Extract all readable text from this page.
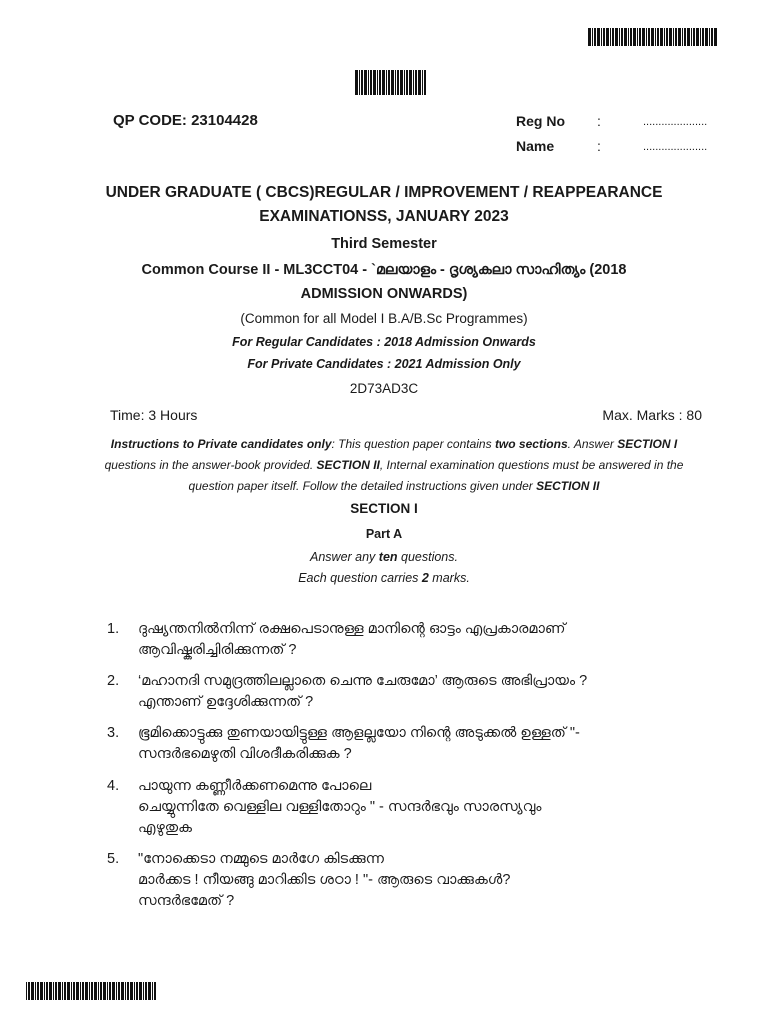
QP CODE: 23104428	Reg No :	.....................
Name	:	.....................
UNDER GRADUATE ( CBCS)REGULAR / IMPROVEMENT / REAPPEARANCE
EXAMINATIONSS, JANUARY 2023
Third Semester
Common Course II - ML3CCT04 - `മലയാളം - ദൃശ്യകലാ സാഹിത്യം (2018
ADMISSION ONWARDS)
(Common for all Model I B.A/B.Sc Programmes)
For Regular Candidates : 2018 Admission Onwards
For Private Candidates : 2021 Admission Only
2D73AD3C
Time: 3 Hours	Max. Marks : 80
Instructions to Private candidates only: This question paper contains two sections. Answer SECTION I questions in the answer-book provided. SECTION II, Internal examination questions must be answered in the question paper itself. Follow the detailed instructions given under SECTION II
SECTION I
Part A
Answer any ten questions.
Each question carries 2 marks.
1. ദുഷ്യന്തനിൽനിന്ന് രക്ഷപെടാനുള്ള മാനിന്റെ ഓട്ടം എപ്രകാരമാണ്
ആവിഷ്കരിച്ചിരിക്കുന്നത് ?
2. ‘മഹാനദി സമുദ്രത്തിലല്ലാതെ ചെന്നു ചേരുമോ’ ആരുടെ അഭിപ്രായം ?
എന്താണ് ഉദ്ദേശിക്കുന്നത് ?
3. ഭൂമിക്കൊട്ടുക്കു തുണയായിട്ടുള്ള ആളല്ലയോ നിന്റെ അടുക്കൽ ഉള്ളത് "-
സന്ദർഭമെഴുതി വിശദീകരിക്കുക ?
4. പായുന്ന കണ്ണീർക്കണമെന്നു പോലെ
ചെയ്യുന്നിതേ വെള്ളില വള്ളിതോറും " - സന്ദർഭവും സാരസ്യവും
എഴുതുക
5. "നോക്കെടാ നമ്മുടെ മാർഗേ കിടക്കുന്ന
മാർക്കട ! നീയങ്ങു മാറിക്കിട ശഠാ ! "- ആരുടെ വാക്കുകൾ?
സന്ദർഭമേത് ?
